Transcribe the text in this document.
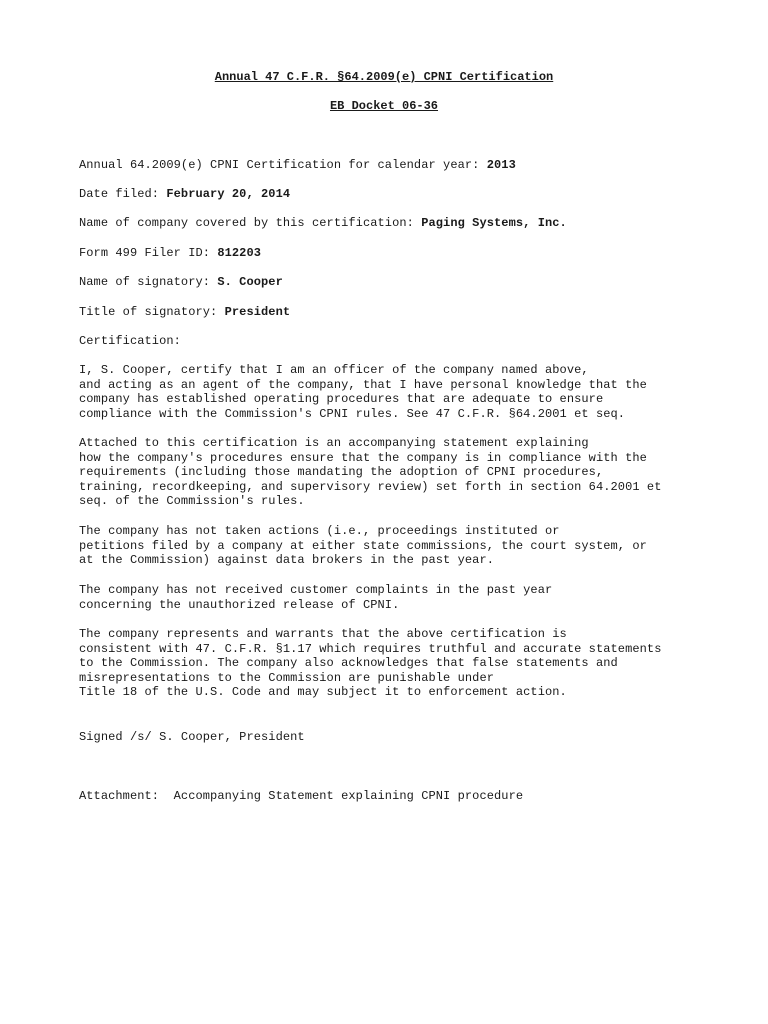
Annual 47 C.F.R. §64.2009(e) CPNI Certification
EB Docket 06-36
Annual 64.2009(e) CPNI Certification for calendar year: 2013
Date filed: February 20, 2014
Name of company covered by this certification: Paging Systems, Inc.
Form 499 Filer ID: 812203
Name of signatory: S. Cooper
Title of signatory: President
Certification:
I, S. Cooper, certify that I am an officer of the company named above,
and acting as an agent of the company, that I have personal knowledge that the
company has established operating procedures that are adequate to ensure
compliance with the Commission's CPNI rules. See 47 C.F.R. §64.2001 et seq.
Attached to this certification is an accompanying statement explaining
how the company's procedures ensure that the company is in compliance with the
requirements (including those mandating the adoption of CPNI procedures,
training, recordkeeping, and supervisory review) set forth in section 64.2001 et
seq. of the Commission's rules.
The company has not taken actions (i.e., proceedings instituted or
petitions filed by a company at either state commissions, the court system, or
at the Commission) against data brokers in the past year.
The company has not received customer complaints in the past year
concerning the unauthorized release of CPNI.
The company represents and warrants that the above certification is
consistent with 47. C.F.R. §1.17 which requires truthful and accurate statements
to the Commission. The company also acknowledges that false statements and
misrepresentations to the Commission are punishable under
Title 18 of the U.S. Code and may subject it to enforcement action.
Signed /s/ S. Cooper, President
Attachment:  Accompanying Statement explaining CPNI procedure
